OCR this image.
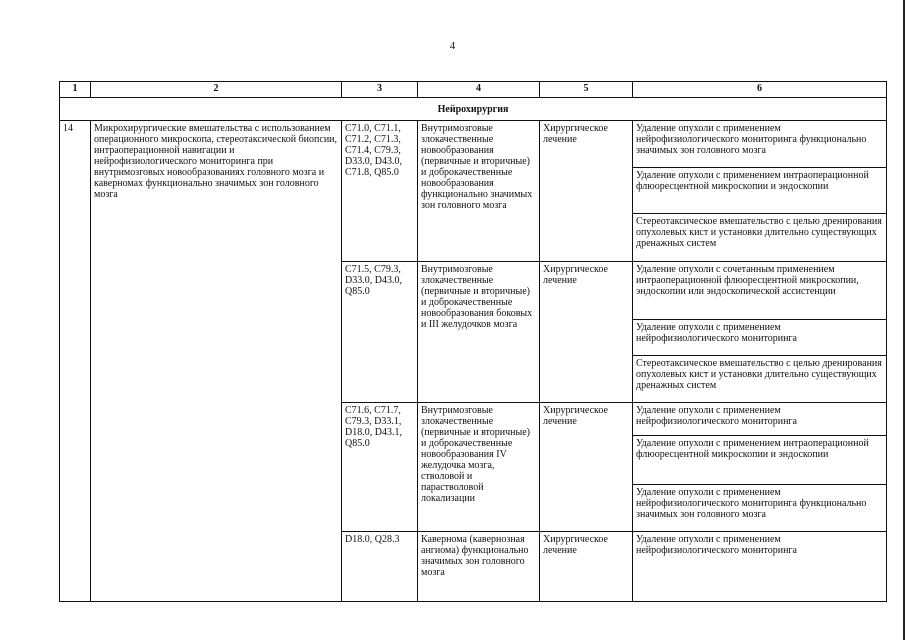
4
1	2	3	4	5	6
Нейрохирургия					
14	Микрохирургические вмешательства с использованием операционного микроскопа, стереотаксической биопсии, интраоперационной навигации и нейрофизиологического мониторинга при внутримозговых новообразованиях головного мозга и каверномах функционально значимых зон головного мозга	C71.0, C71.1, C71.2, C71.3, C71.4, C79.3, D33.0, D43.0, C71.8, Q85.0	Внутримозговые злокачественные новообразования (первичные и вторичные) и доброкачественные новообразования функционально значимых зон головного мозга	Хирургическое лечение	Удаление опухоли с применением нейрофизиологического мониторинга функционально значимых зон головного мозга
					Удаление опухоли с применением интраоперационной флюоресцентной микроскопии и эндоскопии
					Стереотаксическое вмешательство с целью дренирования опухолевых кист и установки длительно существующих дренажных систем
		C71.5, C79.3, D33.0, D43.0, Q85.0	Внутримозговые злокачественные (первичные и вторичные) и доброкачественные новообразования боковых и III желудочков мозга	Хирургическое лечение	Удаление опухоли с сочетанным применением интраоперационной флюоресцентной микроскопии, эндоскопии или эндоскопической ассистенции
					Удаление опухоли с применением нейрофизиологического мониторинга
					Стереотаксическое вмешательство с целью дренирования опухолевых кист и установки длительно существующих дренажных систем
		C71.6, C71.7, C79.3, D33.1, D18.0, D43.1, Q85.0	Внутримозговые злокачественные (первичные и вторичные) и доброкачественные новообразования IV желудочка мозга, стволовой и парастволовой локализации	Хирургическое лечение	Удаление опухоли с применением нейрофизиологического мониторинга
					Удаление опухоли с применением интраоперационной флюоресцентной микроскопии и эндоскопии
					Удаление опухоли с применением нейрофизиологического мониторинга функционально значимых зон головного мозга
		D18.0, Q28.3	Кавернома (кавернозная ангиома) функционально значимых зон головного мозга	Хирургическое лечение	Удаление опухоли с применением нейрофизиологического мониторинга
